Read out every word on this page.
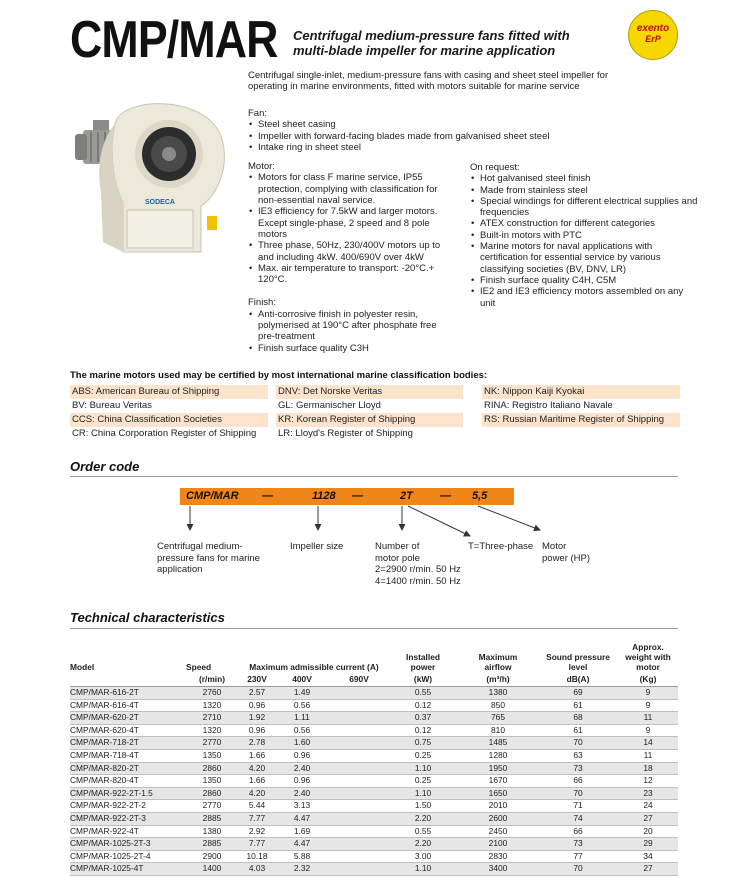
CMP/MAR Centrifugal medium-pressure fans fitted with multi-blade impeller for marine application
exento
ErP
SODECA
Centrifugal single-inlet, medium-pressure fans with casing and sheet steel impeller for operating in marine environments, fitted with motors suitable for marine service
Fan:
• Steel sheet casing
• Impeller with forward-facing blades made from galvanised sheet steel
• Intake ring in sheet steel
Motor:
• Motors for class F marine service, IP55 protection, complying with classification for non-essential naval service.
• IE3 efficiency for 7.5kW and larger motors. Except single-phase, 2 speed and 8 pole motors
• Three phase, 50Hz, 230/400V motors up to and including 4kW. 400/690V over 4kW
• Max. air temperature to transport: -20°C.+ 120°C.
Finish:
• Anti-corrosive finish in polyester resin, polymerised at 190°C after phosphate free pre-treatment
• Finish surface quality C3H
On request:
• Hot galvanised steel finish
• Made from stainless steel
• Special windings for different electrical supplies and frequencies
• ATEX construction for different categories
• Built-in motors with PTC
• Marine motors for naval applications with certification for essential service by various classifying societies (BV, DNV, LR)
• Finish surface quality C4H, C5M
• IE2 and IE3 efficiency motors assembled on any unit
The marine motors used may be certified by most international marine classification bodies:
ABS: American Bureau of Shipping	DNV: Det Norske Veritas	NK: Nippon Kaiji Kyokai
BV: Bureau Veritas	GL: Germanischer Lloyd	RINA: Registro Italiano Navale
CCS: China Classification Societies	KR: Korean Register of Shipping	RS: Russian Maritime Register of Shipping
CR: China Corporation Register of Shipping	LR: Lloyd's Register of Shipping
Order code
CMP/MAR —	1128 —	2T — 5,5
Centrifugal medium-pressure fans for marine application
Impeller size	Number of motor pole
2=2900 r/min. 50 Hz
4=1400 r/min. 50 Hz
T=Three-phase Motor
power (HP)
Technical characteristics
Model	Speed	Maximum admissible current (A)			Installed power	Maximum airflow	Sound pressure level	Approx. weight with motor
	(r/min)	230V	400V	690V	(kW)	(m³/h)	dB(A)	(Kg)
CMP/MAR-616-2T	2760	2.57	1.49		0.55	1380	69	9
CMP/MAR-616-4T	1320	0.96	0.56		0.12	850	61	9
CMP/MAR-620-2T	2710	1.92	1.11		0.37	765	68	11
CMP/MAR-620-4T	1320	0.96	0.56		0.12	810	61	9
CMP/MAR-718-2T	2770	2.78	1.60		0.75	1485	70	14
CMP/MAR-718-4T	1350	1.66	0.96		0.25	1280	63	11
CMP/MAR-820-2T	2860	4.20	2.40		1.10	1950	73	18
CMP/MAR-820-4T	1350	1.66	0.96		0.25	1670	66	12
CMP/MAR-922-2T-1.5	2860	4.20	2.40		1.10	1650	70	23
CMP/MAR-922-2T-2	2770	5.44	3.13		1.50	2010	71	24
CMP/MAR-922-2T-3	2885	7.77	4.47		2.20	2600	74	27
CMP/MAR-922-4T	1380	2.92	1.69		0.55	2450	66	20
CMP/MAR-1025-2T-3	2885	7.77	4.47		2.20	2100	73	29
CMP/MAR-1025-2T-4	2900	10.18	5.88		3.00	2830	77	34
CMP/MAR-1025-4T	1400	4.03	2.32		1.10	3400	70	27
